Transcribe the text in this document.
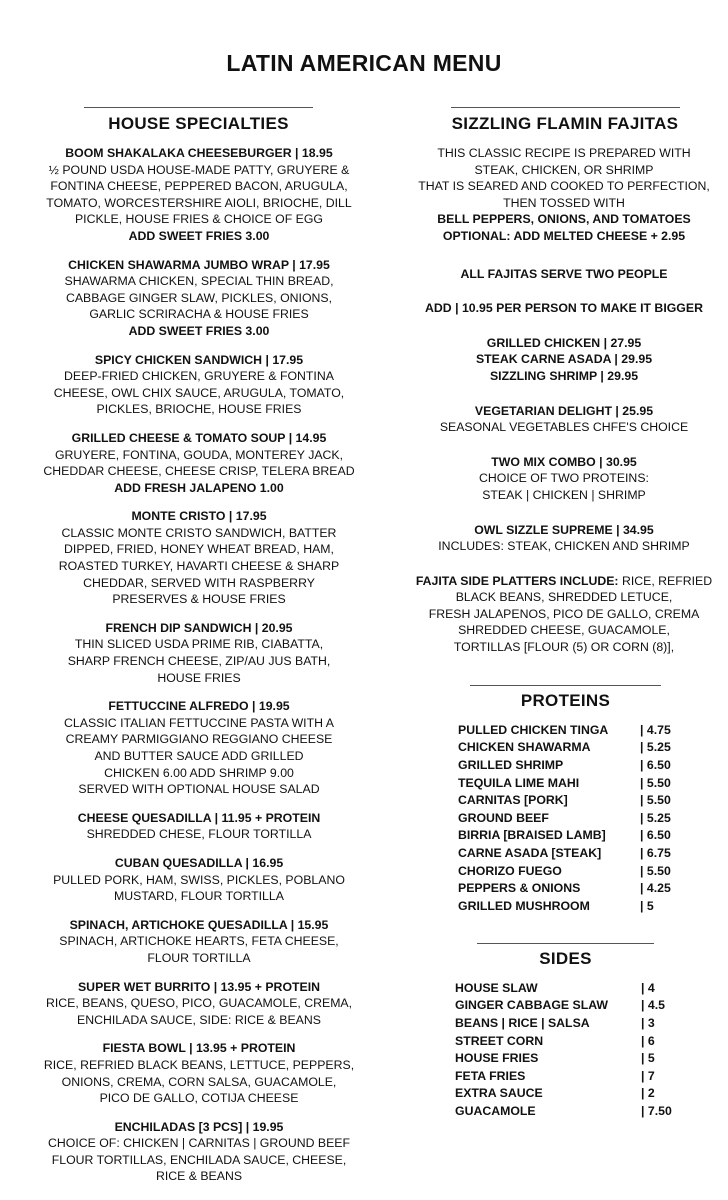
LATIN AMERICAN MENU
HOUSE SPECIALTIES
BOOM SHAKALAKA CHEESEBURGER | 18.95
½ POUND USDA HOUSE-MADE PATTY, GRUYERE &
FONTINA CHEESE, PEPPERED BACON, ARUGULA,
TOMATO, WORCESTERSHIRE AIOLI, BRIOCHE, DILL
PICKLE, HOUSE FRIES & CHOICE OF EGG
ADD SWEET FRIES 3.00
CHICKEN SHAWARMA JUMBO WRAP | 17.95
SHAWARMA CHICKEN, SPECIAL THIN BREAD,
CABBAGE GINGER SLAW, PICKLES, ONIONS,
GARLIC SCRIRACHA & HOUSE FRIES
ADD SWEET FRIES 3.00
SPICY CHICKEN SANDWICH | 17.95
DEEP-FRIED CHICKEN, GRUYERE & FONTINA
CHEESE, OWL CHIX SAUCE, ARUGULA, TOMATO,
PICKLES, BRIOCHE, HOUSE FRIES
GRILLED CHEESE & TOMATO SOUP | 14.95
GRUYERE, FONTINA, GOUDA, MONTEREY JACK,
CHEDDAR CHEESE, CHEESE CRISP, TELERA BREAD
ADD FRESH JALAPENO 1.00
MONTE CRISTO | 17.95
CLASSIC MONTE CRISTO SANDWICH, BATTER
DIPPED, FRIED, HONEY WHEAT BREAD, HAM,
ROASTED TURKEY, HAVARTI CHEESE & SHARP
CHEDDAR, SERVED WITH RASPBERRY
PRESERVES & HOUSE FRIES
FRENCH DIP SANDWICH | 20.95
THIN SLICED USDA PRIME RIB, CIABATTA,
SHARP FRENCH CHEESE, ZIP/AU JUS BATH,
HOUSE FRIES
FETTUCCINE ALFREDO | 19.95
CLASSIC ITALIAN FETTUCCINE PASTA WITH A
CREAMY PARMIGGIANO REGGIANO CHEESE
AND BUTTER SAUCE ADD GRILLED
CHICKEN 6.00 ADD SHRIMP 9.00
SERVED WITH OPTIONAL HOUSE SALAD
CHEESE QUESADILLA | 11.95 + PROTEIN
SHREDDED CHESE, FLOUR TORTILLA
CUBAN QUESADILLA | 16.95
PULLED PORK, HAM, SWISS, PICKLES, POBLANO
MUSTARD, FLOUR TORTILLA
SPINACH, ARTICHOKE QUESADILLA | 15.95
SPINACH, ARTICHOKE HEARTS, FETA CHEESE,
FLOUR TORTILLA
SUPER WET BURRITO | 13.95 + PROTEIN
RICE, BEANS, QUESO, PICO, GUACAMOLE, CREMA,
ENCHILADA SAUCE, SIDE: RICE & BEANS
FIESTA BOWL | 13.95 + PROTEIN
RICE, REFRIED BLACK BEANS, LETTUCE, PEPPERS,
ONIONS, CREMA, CORN SALSA, GUACAMOLE,
PICO DE GALLO, COTIJA CHEESE
ENCHILADAS [3 PCS] | 19.95
CHOICE OF: CHICKEN | CARNITAS | GROUND BEEF
FLOUR TORTILLAS, ENCHILADA SAUCE, CHEESE,
RICE & BEANS
SIZZLING FLAMIN FAJITAS
THIS CLASSIC RECIPE IS PREPARED WITH
STEAK, CHICKEN, OR SHRIMP
THAT IS SEARED AND COOKED TO PERFECTION,
THEN TOSSED WITH
BELL PEPPERS, ONIONS, AND TOMATOES
OPTIONAL: ADD MELTED CHEESE + 2.95
ALL FAJITAS SERVE TWO PEOPLE
ADD | 10.95 PER PERSON TO MAKE IT BIGGER
GRILLED CHICKEN | 27.95
STEAK CARNE ASADA | 29.95
SIZZLING SHRIMP | 29.95
VEGETARIAN DELIGHT | 25.95
SEASONAL VEGETABLES CHFE'S CHOICE
TWO MIX COMBO | 30.95
CHOICE OF TWO PROTEINS:
STEAK | CHICKEN | SHRIMP
OWL SIZZLE SUPREME | 34.95
INCLUDES: STEAK, CHICKEN AND SHRIMP
FAJITA SIDE PLATTERS INCLUDE: RICE, REFRIED
BLACK BEANS, SHREDDED LETUCE,
FRESH JALAPENOS, PICO DE GALLO, CREMA
SHREDDED CHEESE, GUACAMOLE,
TORTILLAS [FLOUR (5) OR CORN (8)],
PROTEINS
PULLED CHICKEN TINGA	| 4.75
CHICKEN SHAWARMA	| 5.25
GRILLED SHRIMP	| 6.50
TEQUILA LIME MAHI	| 5.50
CARNITAS [PORK]	| 5.50
GROUND BEEF	| 5.25
BIRRIA [BRAISED LAMB]	| 6.50
CARNE ASADA [STEAK]	| 6.75
CHORIZO FUEGO	| 5.50
PEPPERS & ONIONS	| 4.25
GRILLED MUSHROOM	| 5
SIDES
HOUSE SLAW	| 4
GINGER CABBAGE SLAW	| 4.5
BEANS | RICE | SALSA	| 3
STREET CORN	| 6
HOUSE FRIES	| 5
FETA FRIES	| 7
EXTRA SAUCE	| 2
GUACAMOLE	| 7.50
